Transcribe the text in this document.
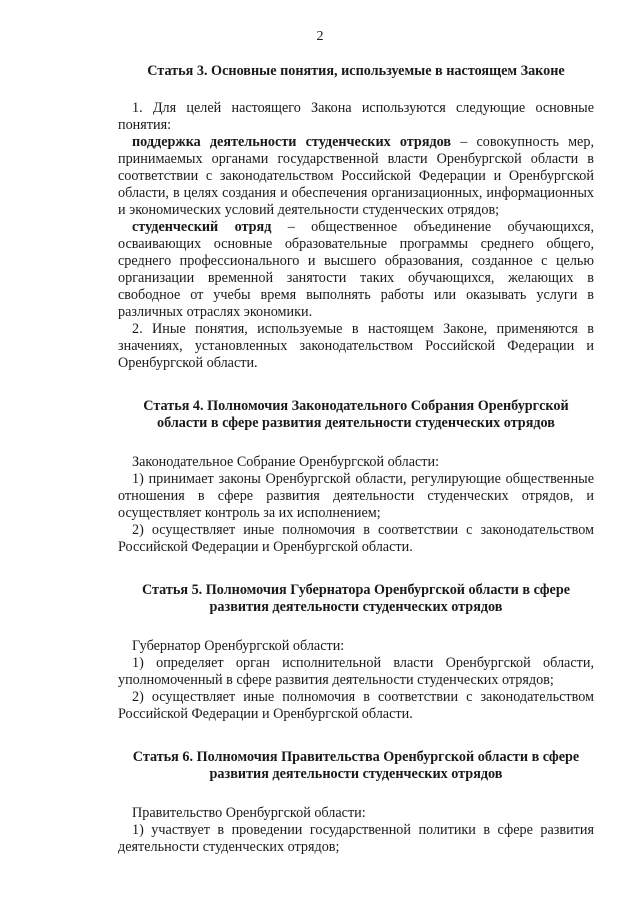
2
Статья 3. Основные понятия, используемые в настоящем Законе

1. Для целей настоящего Закона используются следующие основные понятия:

поддержка деятельности студенческих отрядов – совокупность мер, принимаемых органами государственной власти Оренбургской области в соответствии с законодательством Российской Федерации и Оренбургской области, в целях создания и обеспечения организационных, информационных и экономических условий деятельности студенческих отрядов;

студенческий отряд – общественное объединение обучающихся, осваивающих основные образовательные программы среднего общего, среднего профессионального и высшего образования, созданное с целью организации временной занятости таких обучающихся, желающих в свободное от учебы время выполнять работы или оказывать услуги в различных отраслях экономики.

2. Иные понятия, используемые в настоящем Законе, применяются в значениях, установленных законодательством Российской Федерации и Оренбургской области.

Статья 4. Полномочия Законодательного Собрания Оренбургской области в сфере развития деятельности студенческих отрядов

Законодательное Собрание Оренбургской области:

1) принимает законы Оренбургской области, регулирующие общественные отношения в сфере развития деятельности студенческих отрядов, и осуществляет контроль за их исполнением;

2) осуществляет иные полномочия в соответствии с законодательством Российской Федерации и Оренбургской области.

Статья 5. Полномочия Губернатора Оренбургской области в сфере развития деятельности студенческих отрядов

Губернатор Оренбургской области:

1) определяет орган исполнительной власти Оренбургской области, уполномоченный в сфере развития деятельности студенческих отрядов;

2) осуществляет иные полномочия в соответствии с законодательством Российской Федерации и Оренбургской области.

Статья 6. Полномочия Правительства Оренбургской области в сфере развития деятельности студенческих отрядов

Правительство Оренбургской области:

1) участвует в проведении государственной политики в сфере развития деятельности студенческих отрядов;
